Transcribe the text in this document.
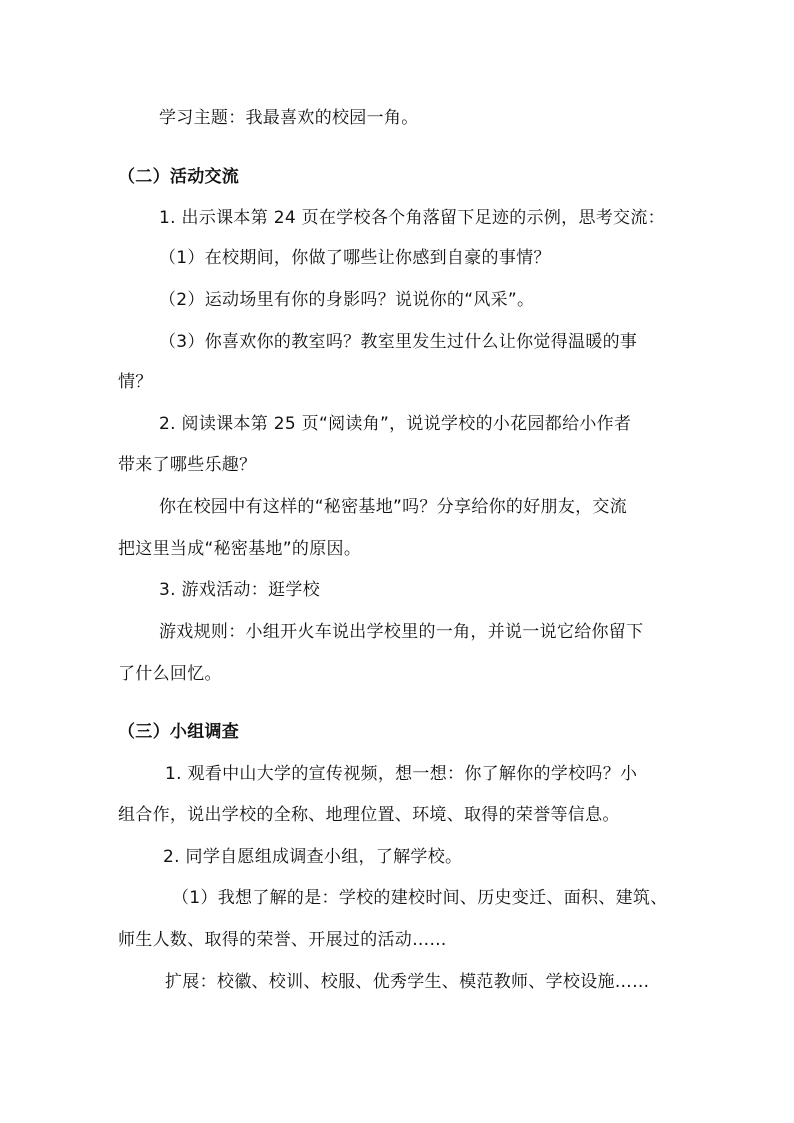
学习主题：我最喜欢的校园一角。
（二）活动交流
1. 出示课本第 24 页在学校各个角落留下足迹的示例，思考交流：
（1）在校期间，你做了哪些让你感到自豪的事情？
（2）运动场里有你的身影吗？说说你的“风采”。
（3）你喜欢你的教室吗？教室里发生过什么让你觉得温暖的事
情？
2. 阅读课本第 25 页“阅读角”，说说学校的小花园都给小作者
带来了哪些乐趣？
你在校园中有这样的“秘密基地”吗？分享给你的好朋友，交流
把这里当成“秘密基地”的原因。
3. 游戏活动：逛学校
游戏规则：小组开火车说出学校里的一角，并说一说它给你留下
了什么回忆。
（三）小组调查
1. 观看中山大学的宣传视频，想一想：你了解你的学校吗？小
组合作，说出学校的全称、地理位置、环境、取得的荣誉等信息。
2. 同学自愿组成调查小组，了解学校。
（1）我想了解的是：学校的建校时间、历史变迁、面积、建筑、
师生人数、取得的荣誉、开展过的活动……
扩展：校徽、校训、校服、优秀学生、模范教师、学校设施……
